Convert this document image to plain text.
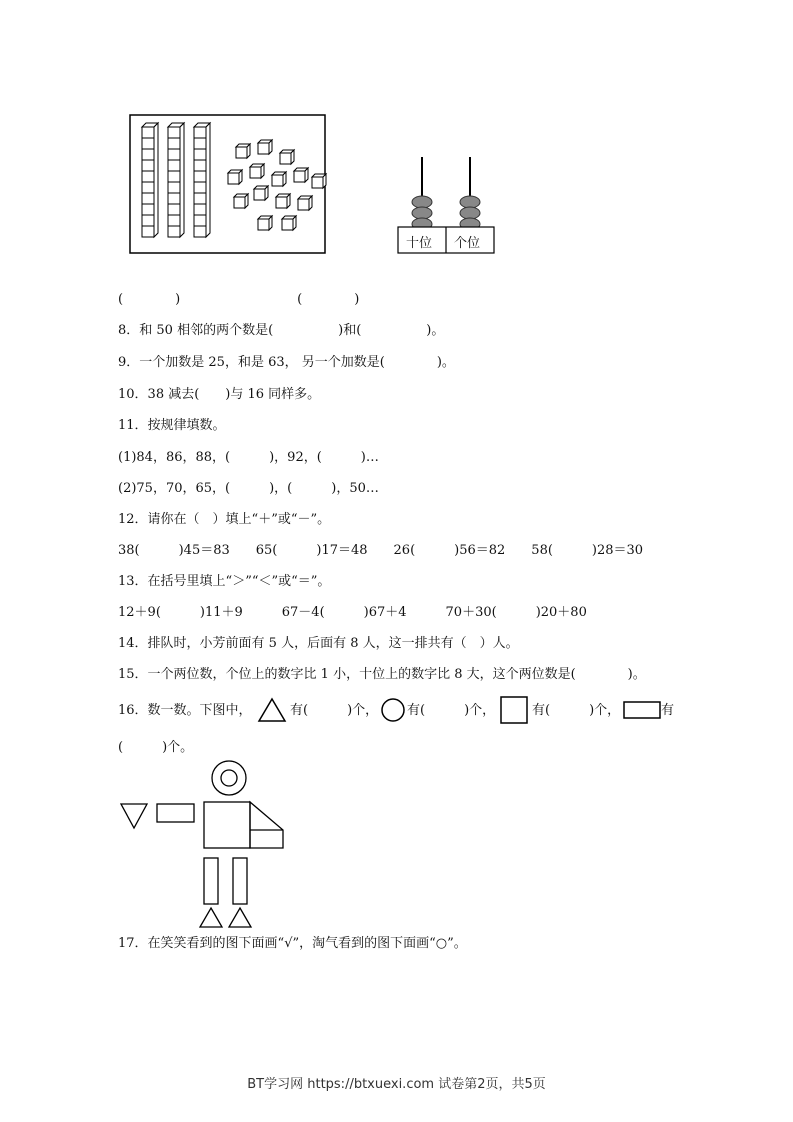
十位 个位
(　　　　)　　　　　　　　　(　　　　)
8．和 50 相邻的两个数是(　　　　　)和(　　　　　)。
9．一个加数是 25，和是 63， 另一个加数是(　　　　)。
10．38 减去(　　)与 16 同样多。
11．按规律填数。
(1)84，86，88，(　　　)，92，(　　　)…
(2)75，70，65，(　　　)，(　　　)，50…
12．请你在（　）填上“＋”或“－”。
38(　　　)45＝83　　65(　　　)17＝48　　26(　　　)56＝82　　58(　　　)28＝30
13．在括号里填上“＞”“＜”或“＝”。
12＋9(　　　)11＋9　　　67－4(　　　)67＋4　　　70＋30(　　　)20＋80
14．排队时，小芳前面有 5 人，后面有 8 人，这一排共有（　）人。
15．一个两位数，个位上的数字比 1 小，十位上的数字比 8 大，这个两位数是(　　　　)。
16．数一数。下图中，	有(　　　)个， 有(　　　)个，	有(　　　)个，	有
(　　　)个。
17．在笑笑看到的图下面画“√”，淘气看到的图下面画“○”。
BT学习网 https://btxuexi.com 试卷第2页，共5页
